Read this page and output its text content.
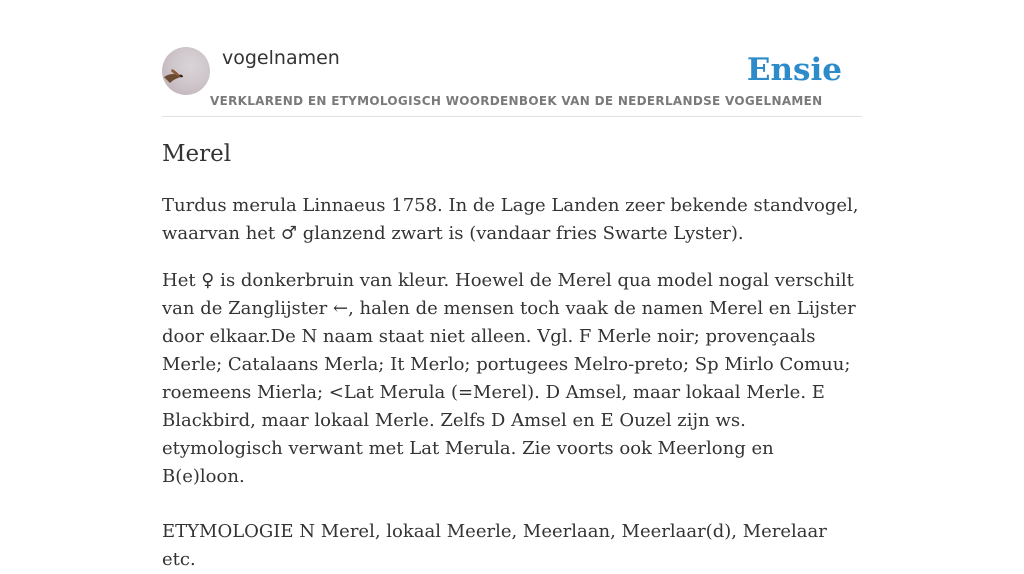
vogelnamen	Ensie
VERKLAREND EN ETYMOLOGISCH WOORDENBOEK VAN DE NEDERLANDSE VOGELNAMEN
Merel

Turdus merula Linnaeus 1758. In de Lage Landen zeer bekende standvogel, waarvan het ♂ glanzend zwart is (vandaar fries Swarte Lyster).

Het ♀ is donkerbruin van kleur. Hoewel de Merel qua model nogal verschilt van de Zanglijster ←, halen de mensen toch vaak de namen Merel en Lijster door elkaar.De N naam staat niet alleen. Vgl. F Merle noir; provençaals Merle; Catalaans Merla; It Merlo; portugees Melro-preto; Sp Mirlo Comuu; roemeens Mierla; <Lat Merula (=Merel). D Amsel, maar lokaal Merle. E Blackbird, maar lokaal Merle. Zelfs D Amsel en E Ouzel zijn ws. etymologisch verwant met Lat Merula. Zie voorts ook Meerlong en B(e)loon.

ETYMOLOGIE N Merel, lokaal Meerle, Meerlaan, Meerlaar(d), Merelaar etc.
